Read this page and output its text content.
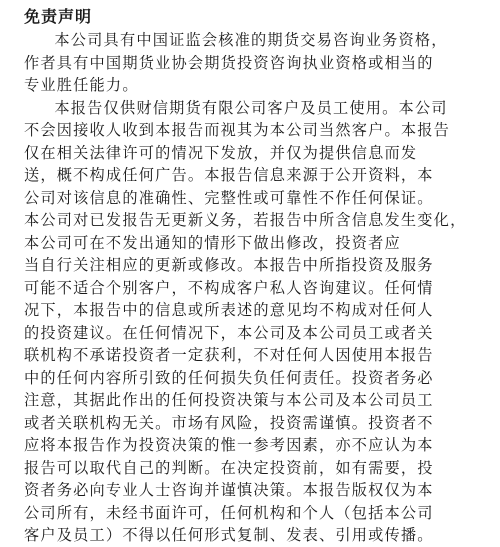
免责声明
本公司具有中国证监会核准的期货交易咨询业务资格，
作者具有中国期货业协会期货投资咨询执业资格或相当的
专业胜任能力。
本报告仅供财信期货有限公司客户及员工使用。本公司
不会因接收人收到本报告而视其为本公司当然客户。本报告
仅在相关法律许可的情况下发放，并仅为提供信息而发
送，概不构成任何广告。本报告信息来源于公开资料，本
公司对该信息的准确性、完整性或可靠性不作任何保证。
本公司对已发报告无更新义务，若报告中所含信息发生变化，
本公司可在不发出通知的情形下做出修改，投资者应
当自行关注相应的更新或修改。本报告中所指投资及服务
可能不适合个别客户，不构成客户私人咨询建议。任何情
况下，本报告中的信息或所表述的意见均不构成对任何人
的投资建议。在任何情况下，本公司及本公司员工或者关
联机构不承诺投资者一定获利，不对任何人因使用本报告
中的任何内容所引致的任何损失负任何责任。投资者务必
注意，其据此作出的任何投资决策与本公司及本公司员工
或者关联机构无关。市场有风险，投资需谨慎。投资者不
应将本报告作为投资决策的惟一参考因素，亦不应认为本
报告可以取代自己的判断。在决定投资前，如有需要，投
资者务必向专业人士咨询并谨慎决策。本报告版权仅为本
公司所有，未经书面许可，任何机构和个人（包括本公司
客户及员工）不得以任何形式复制、发表、引用或传播。
